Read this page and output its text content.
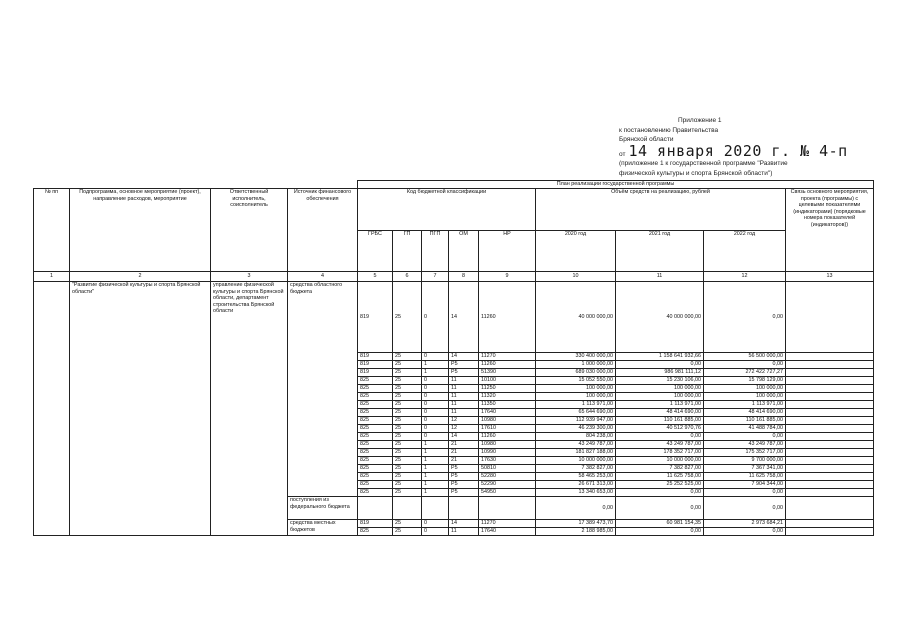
Приложение 1
к постановлению Правительства
Брянской области
от 14 января 2020 г. № 4-п
(приложение 1 к государственной программе "Развитие
физической культуры и спорта Брянской области")
				План реализации государственной программы								
№ пп	Подпрограмма, основное мероприятие (проект), направление расходов, мероприятие	Ответственный исполнитель, соисполнитель	Источник финансового обеспечения	Код бюджетной классификации					Объём средств на реализацию, рублей			Связь основного мероприятия, проекта (программы) с целевыми показателями (индикаторами) (порядковые номера показателей (индикаторов))
				ГРБС	ГП	ПГП	ОМ	НР	2020 год	2021 год	2022 год	
1	2	3	4	5	6	7	8	9	10	11	12	13
	"Развитие физической культуры и спорта Брянской области"	управление физической культуры и спорта Брянской области, департамент строительства Брянской области	средства областного бюджета	819	25	0	14	11260	40 000 000,00	40 000 000,00	0,00	
				819	25	0	14	11270	330 400 000,00	1 158 641 932,66	56 500 000,00	
				819	25	1	P5	11260	1 000 000,00	0,00	0,00	
				819	25	1	P5	51390	689 030 000,00	986 981 111,12	272 422 727,27	
				825	25	0	11	10100	15 052 550,00	15 230 106,00	15 798 129,00	
				825	25	0	11	11250	100 000,00	100 000,00	100 000,00	
				825	25	0	11	11320	100 000,00	100 000,00	100 000,00	
				825	25	0	11	11350	1 113 971,00	1 113 971,00	1 113 971,00	
				825	25	0	11	17640	65 644 690,00	48 414 690,00	48 414 690,00	
				825	25	0	12	10980	112 939 947,00	110 161 885,00	110 161 885,00	
				825	25	0	12	17610	46 239 300,00	40 512 970,76	41 488 784,00	
				825	25	0	14	11260	804 238,00	0,00	0,00	
				825	25	1	21	10980	43 249 787,00	43 249 787,00	43 249 787,00	
				825	25	1	21	10990	181 827 188,00	178 352 717,00	175 352 717,00	
				825	25	1	21	17630	10 000 000,00	10 000 000,00	9 700 000,00	
				825	25	1	P5	50810	7 382 827,00	7 382 827,00	7 367 341,00	
				825	25	1	P5	52280	58 465 253,00	11 625 758,00	11 625 758,00	
				825	25	1	P5	52290	26 671 313,00	25 252 525,00	7 904 344,00	
				825	25	1	P5	54950	13 340 653,00	0,00	0,00	
			поступления из федерального бюджета						0,00	0,00	0,00	
			средства местных бюджетов	819	25	0	14	11270	17 389 473,70	60 981 154,35	2 973 684,21	
				825	25	0	11	17640	2 188 985,00	0,00	0,00	
